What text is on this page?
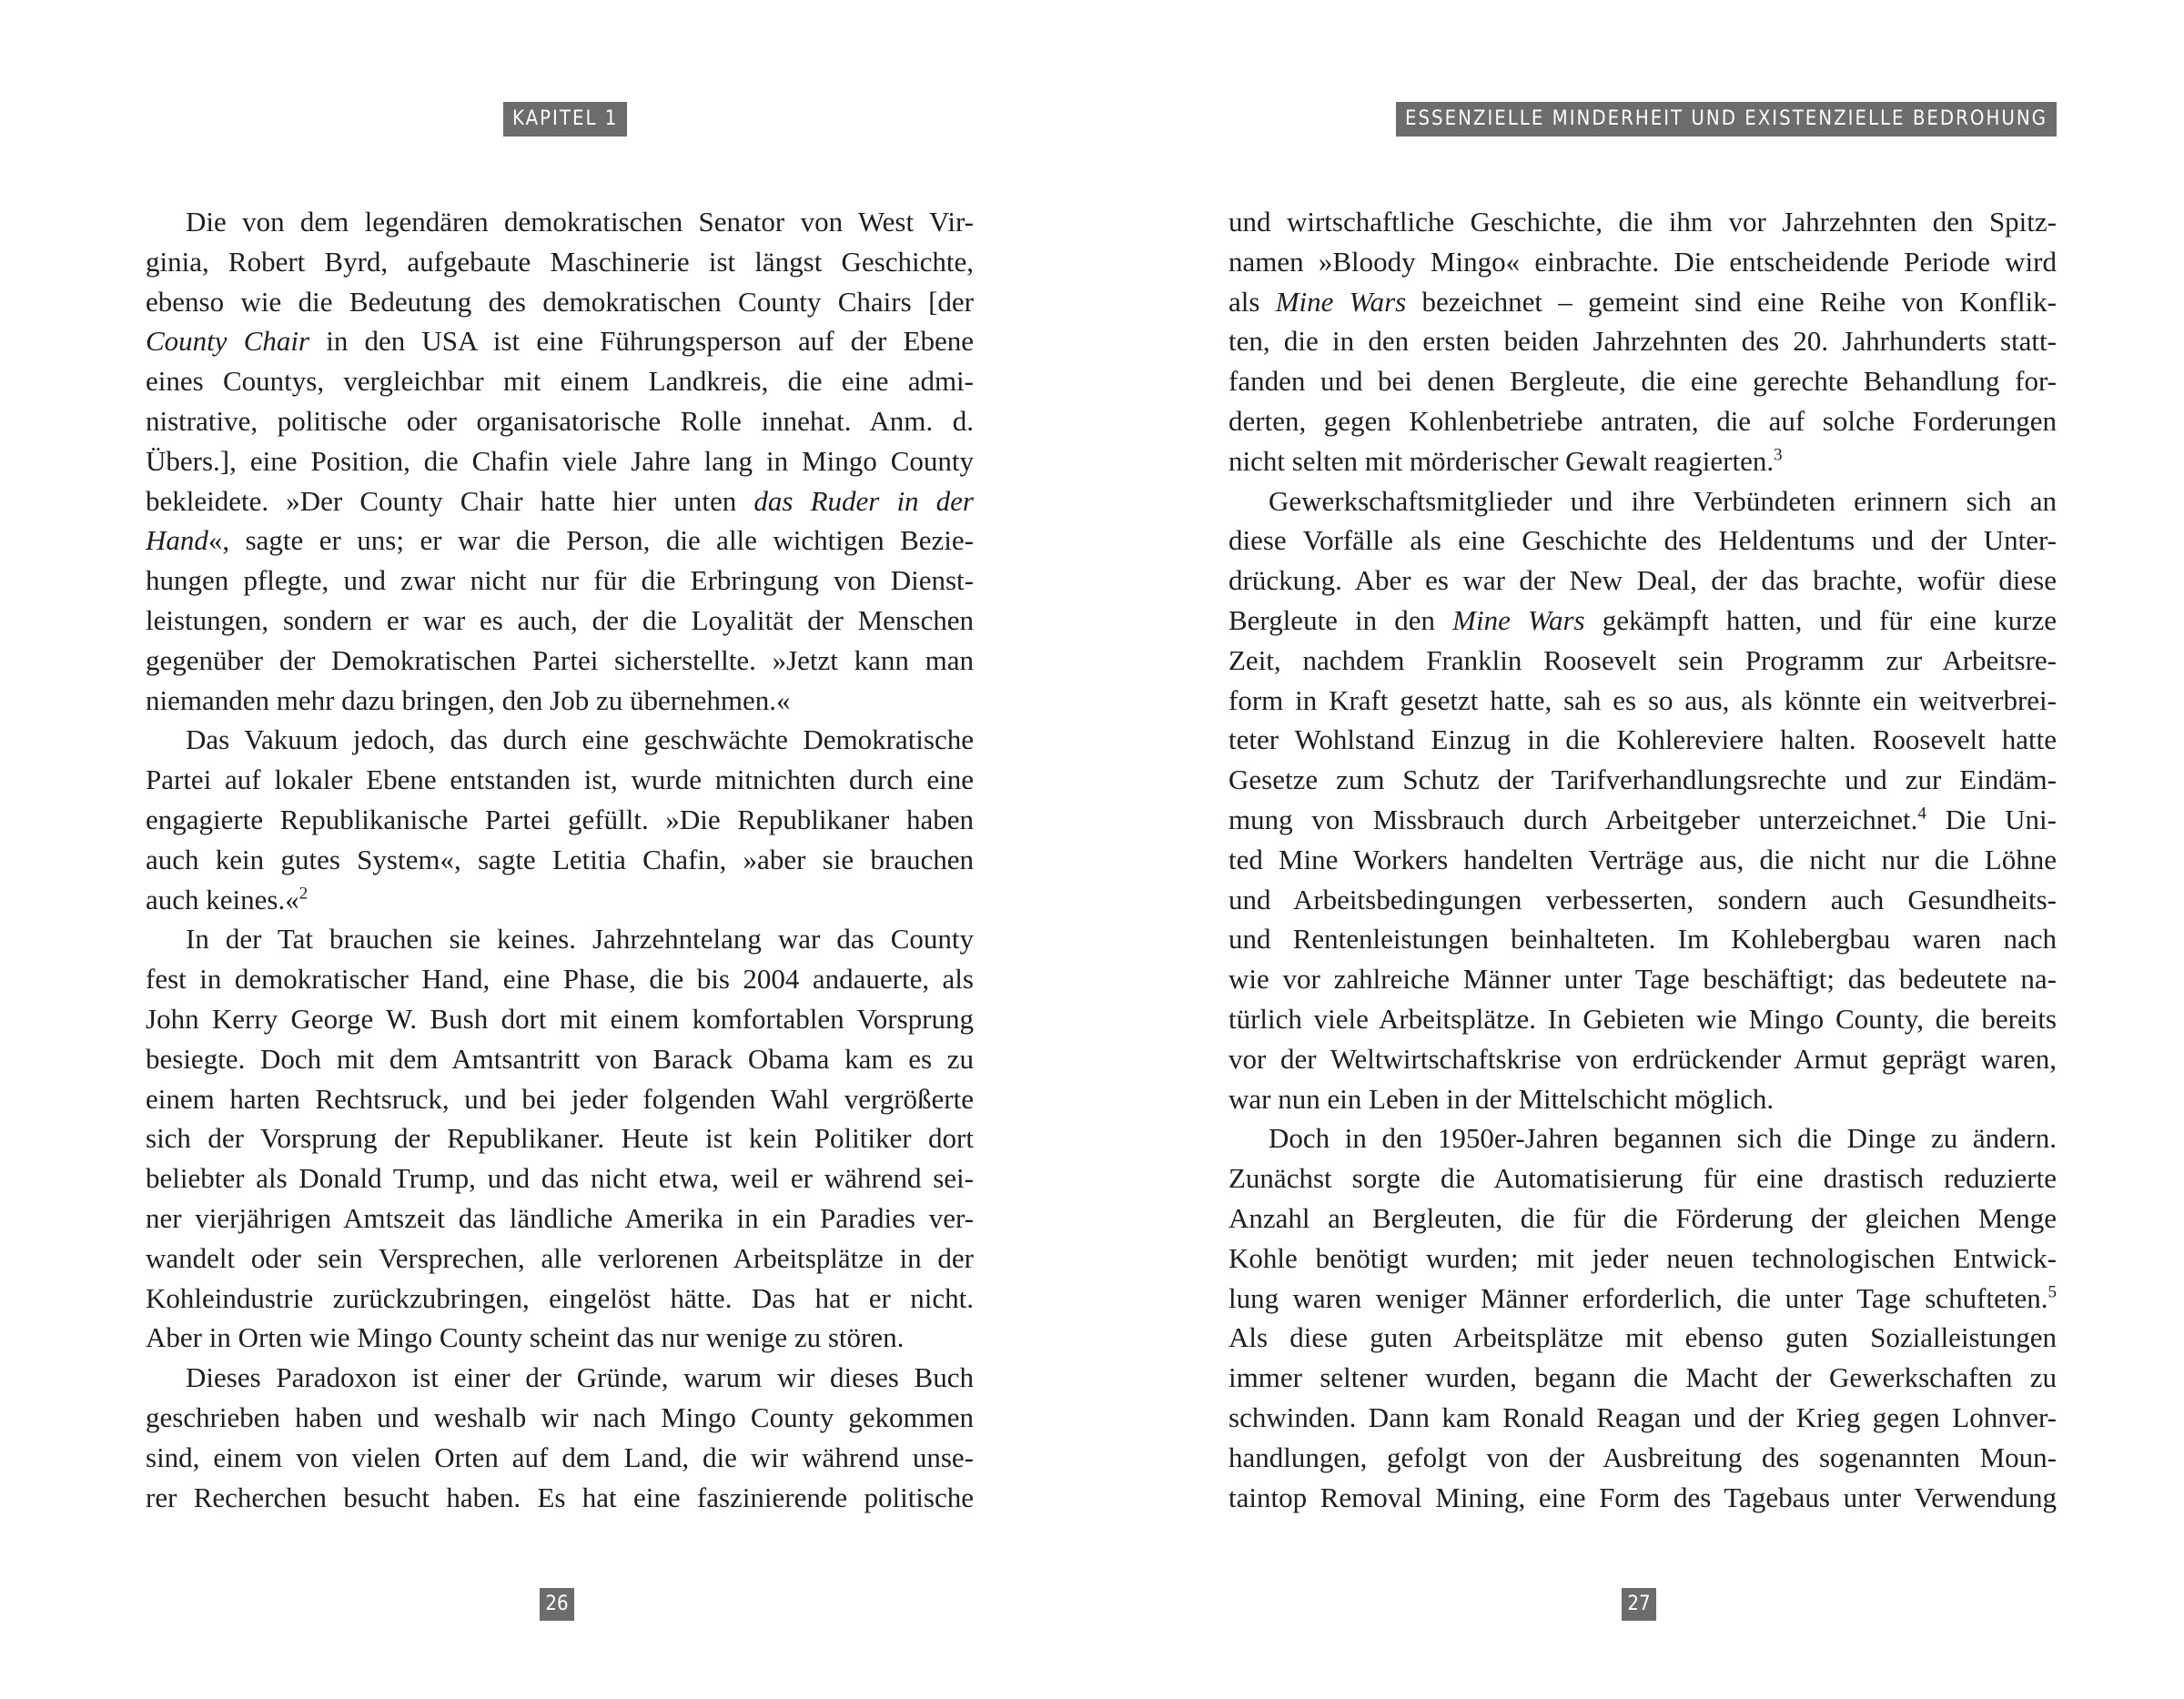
KAPITEL 1
Die von dem legendären demokratischen Senator von West Vir-
ginia, Robert Byrd, aufgebaute Maschinerie ist längst Geschichte,
ebenso wie die Bedeutung des demokratischen County Chairs [der
County Chair in den USA ist eine Führungsperson auf der Ebene
eines Countys, vergleichbar mit einem Landkreis, die eine admi-
nistrative, politische oder organisatorische Rolle innehat. Anm. d.
Übers.], eine Position, die Chafin viele Jahre lang in Mingo County
bekleidete. »Der County Chair hatte hier unten das Ruder in der
Hand«, sagte er uns; er war die Person, die alle wichtigen Bezie-
hungen pflegte, und zwar nicht nur für die Erbringung von Dienst-
leistungen, sondern er war es auch, der die Loyalität der Menschen
gegenüber der Demokratischen Partei sicherstellte. »Jetzt kann man
niemanden mehr dazu bringen, den Job zu übernehmen.«
Das Vakuum jedoch, das durch eine geschwächte Demokratische
Partei auf lokaler Ebene entstanden ist, wurde mitnichten durch eine
engagierte Republikanische Partei gefüllt. »Die Republikaner haben
auch kein gutes System«, sagte Letitia Chafin, »aber sie brauchen
auch keines.«$^2$
In der Tat brauchen sie keines. Jahrzehntelang war das County
fest in demokratischer Hand, eine Phase, die bis 2004 andauerte, als
John Kerry George W. Bush dort mit einem komfortablen Vorsprung
besiegte. Doch mit dem Amtsantritt von Barack Obama kam es zu
einem harten Rechtsruck, und bei jeder folgenden Wahl vergrößerte
sich der Vorsprung der Republikaner. Heute ist kein Politiker dort
beliebter als Donald Trump, und das nicht etwa, weil er während sei-
ner vierjährigen Amtszeit das ländliche Amerika in ein Paradies ver-
wandelt oder sein Versprechen, alle verlorenen Arbeitsplätze in der
Kohleindustrie zurückzubringen, eingelöst hätte. Das hat er nicht.
Aber in Orten wie Mingo County scheint das nur wenige zu stören.
Dieses Paradoxon ist einer der Gründe, warum wir dieses Buch
geschrieben haben und weshalb wir nach Mingo County gekommen
sind, einem von vielen Orten auf dem Land, die wir während unse-
rer Recherchen besucht haben. Es hat eine faszinierende politische
26
ESSENZIELLE MINDERHEIT UND EXISTENZIELLE BEDROHUNG
und wirtschaftliche Geschichte, die ihm vor Jahrzehnten den Spitz-
namen »Bloody Mingo« einbrachte. Die entscheidende Periode wird
als Mine Wars bezeichnet – gemeint sind eine Reihe von Konflik-
ten, die in den ersten beiden Jahrzehnten des 20. Jahrhunderts statt-
fanden und bei denen Bergleute, die eine gerechte Behandlung for-
derten, gegen Kohlenbetriebe antraten, die auf solche Forderungen
nicht selten mit mörderischer Gewalt reagierten.$^3$
Gewerkschaftsmitglieder und ihre Verbündeten erinnern sich an
diese Vorfälle als eine Geschichte des Heldentums und der Unter-
drückung. Aber es war der New Deal, der das brachte, wofür diese
Bergleute in den Mine Wars gekämpft hatten, und für eine kurze
Zeit, nachdem Franklin Roosevelt sein Programm zur Arbeitsre-
form in Kraft gesetzt hatte, sah es so aus, als könnte ein weitverbrei-
teter Wohlstand Einzug in die Kohlereviere halten. Roosevelt hatte
Gesetze zum Schutz der Tarifverhandlungsrechte und zur Eindäm-
mung von Missbrauch durch Arbeitgeber unterzeichnet.$^4$ Die Uni-
ted Mine Workers handelten Verträge aus, die nicht nur die Löhne
und Arbeitsbedingungen verbesserten, sondern auch Gesundheits-
und Rentenleistungen beinhalteten. Im Kohlebergbau waren nach
wie vor zahlreiche Männer unter Tage beschäftigt; das bedeutete na-
türlich viele Arbeitsplätze. In Gebieten wie Mingo County, die bereits
vor der Weltwirtschaftskrise von erdrückender Armut geprägt waren,
war nun ein Leben in der Mittelschicht möglich.
Doch in den 1950er-Jahren begannen sich die Dinge zu ändern.
Zunächst sorgte die Automatisierung für eine drastisch reduzierte
Anzahl an Bergleuten, die für die Förderung der gleichen Menge
Kohle benötigt wurden; mit jeder neuen technologischen Entwick-
lung waren weniger Männer erforderlich, die unter Tage schufteten.$^5$
Als diese guten Arbeitsplätze mit ebenso guten Sozialleistungen
immer seltener wurden, begann die Macht der Gewerkschaften zu
schwinden. Dann kam Ronald Reagan und der Krieg gegen Lohnver-
handlungen, gefolgt von der Ausbreitung des sogenannten Moun-
taintop Removal Mining, eine Form des Tagebaus unter Verwendung
27
